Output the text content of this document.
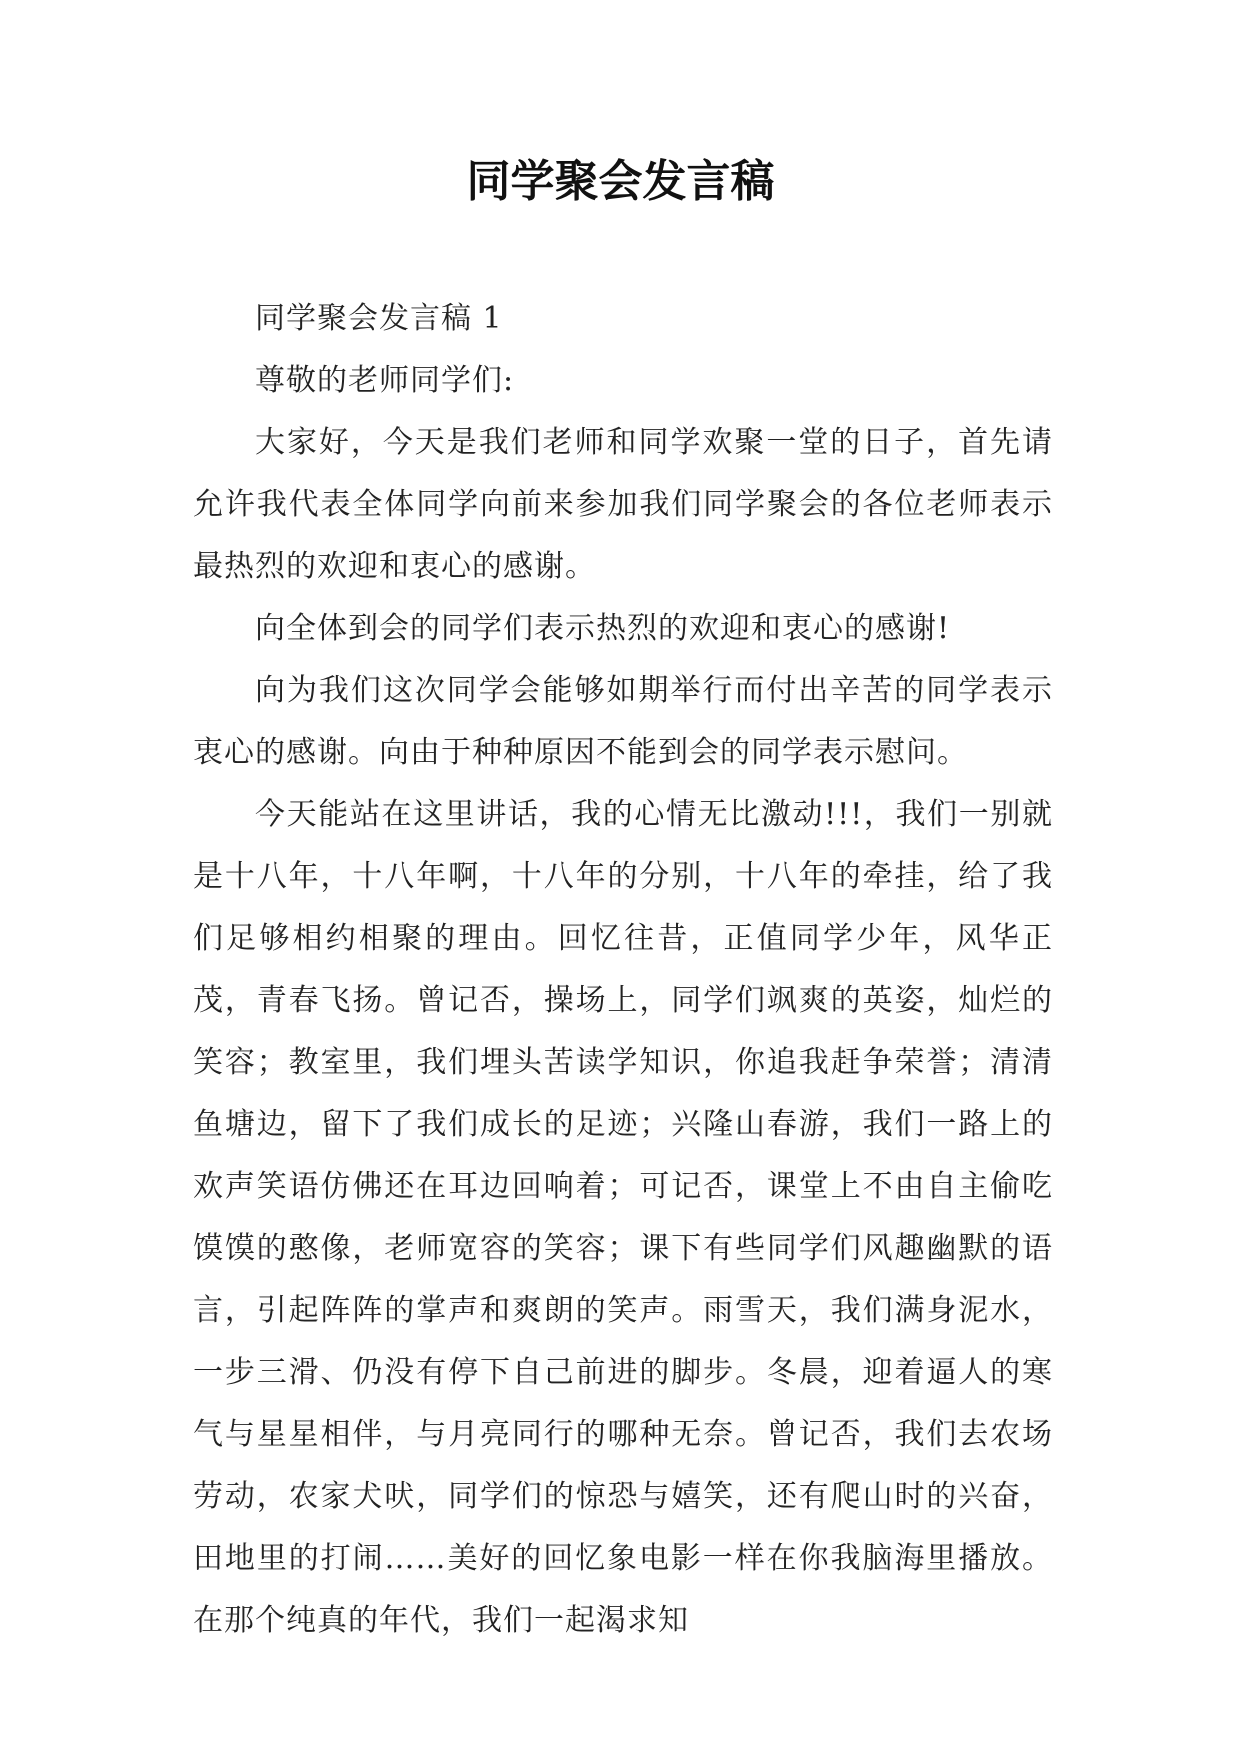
同学聚会发言稿

同学聚会发言稿 1

尊敬的老师同学们:

大家好，今天是我们老师和同学欢聚一堂的日子，首先请允许我代表全体同学向前来参加我们同学聚会的各位老师表示最热烈的欢迎和衷心的感谢。

向全体到会的同学们表示热烈的欢迎和衷心的感谢!

向为我们这次同学会能够如期举行而付出辛苦的同学表示衷心的感谢。向由于种种原因不能到会的同学表示慰问。

今天能站在这里讲话，我的心情无比激动!!!，我们一别就是十八年，十八年啊，十八年的分别，十八年的牵挂，给了我们足够相约相聚的理由。回忆往昔，正值同学少年，风华正茂，青春飞扬。曾记否，操场上，同学们飒爽的英姿，灿烂的笑容；教室里，我们埋头苦读学知识，你追我赶争荣誉；清清鱼塘边，留下了我们成长的足迹；兴隆山春游，我们一路上的欢声笑语仿佛还在耳边回响着；可记否，课堂上不由自主偷吃馍馍的憨像，老师宽容的笑容；课下有些同学们风趣幽默的语言，引起阵阵的掌声和爽朗的笑声。雨雪天，我们满身泥水，一步三滑、仍没有停下自己前进的脚步。冬晨，迎着逼人的寒气与星星相伴，与月亮同行的哪种无奈。曾记否，我们去农场劳动，农家犬吠，同学们的惊恐与嬉笑，还有爬山时的兴奋，田地里的打闹……美好的回忆象电影一样在你我脑海里播放。在那个纯真的年代，我们一起渴求知
